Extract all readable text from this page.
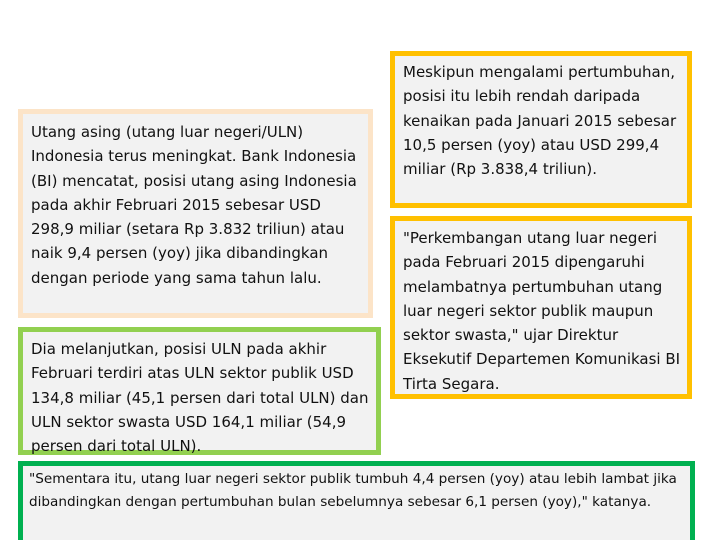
Utang asing (utang luar negeri/ULN) Indonesia terus meningkat. Bank Indonesia (BI) mencatat, posisi utang asing Indonesia pada akhir Februari 2015 sebesar USD 298,9 miliar (setara Rp 3.832 triliun) atau naik 9,4 persen (yoy) jika dibandingkan dengan periode yang sama tahun lalu.

Dia melanjutkan, posisi ULN pada akhir Februari terdiri atas ULN sektor publik USD 134,8 miliar (45,1 persen dari total ULN) dan ULN sektor swasta USD 164,1 miliar (54,9 persen dari total ULN).

Meskipun mengalami pertumbuhan, posisi itu lebih rendah daripada kenaikan pada Januari 2015 sebesar 10,5 persen (yoy) atau USD 299,4 miliar (Rp 3.838,4 triliun).

"Perkembangan utang luar negeri pada Februari 2015 dipengaruhi melambatnya pertumbuhan utang luar negeri sektor publik maupun sektor swasta," ujar Direktur Eksekutif Departemen Komunikasi BI Tirta Segara.

"Sementara itu, utang luar negeri sektor publik tumbuh 4,4 persen (yoy) atau lebih lambat jika dibandingkan dengan pertumbuhan bulan sebelumnya sebesar 6,1 persen (yoy)," katanya.
